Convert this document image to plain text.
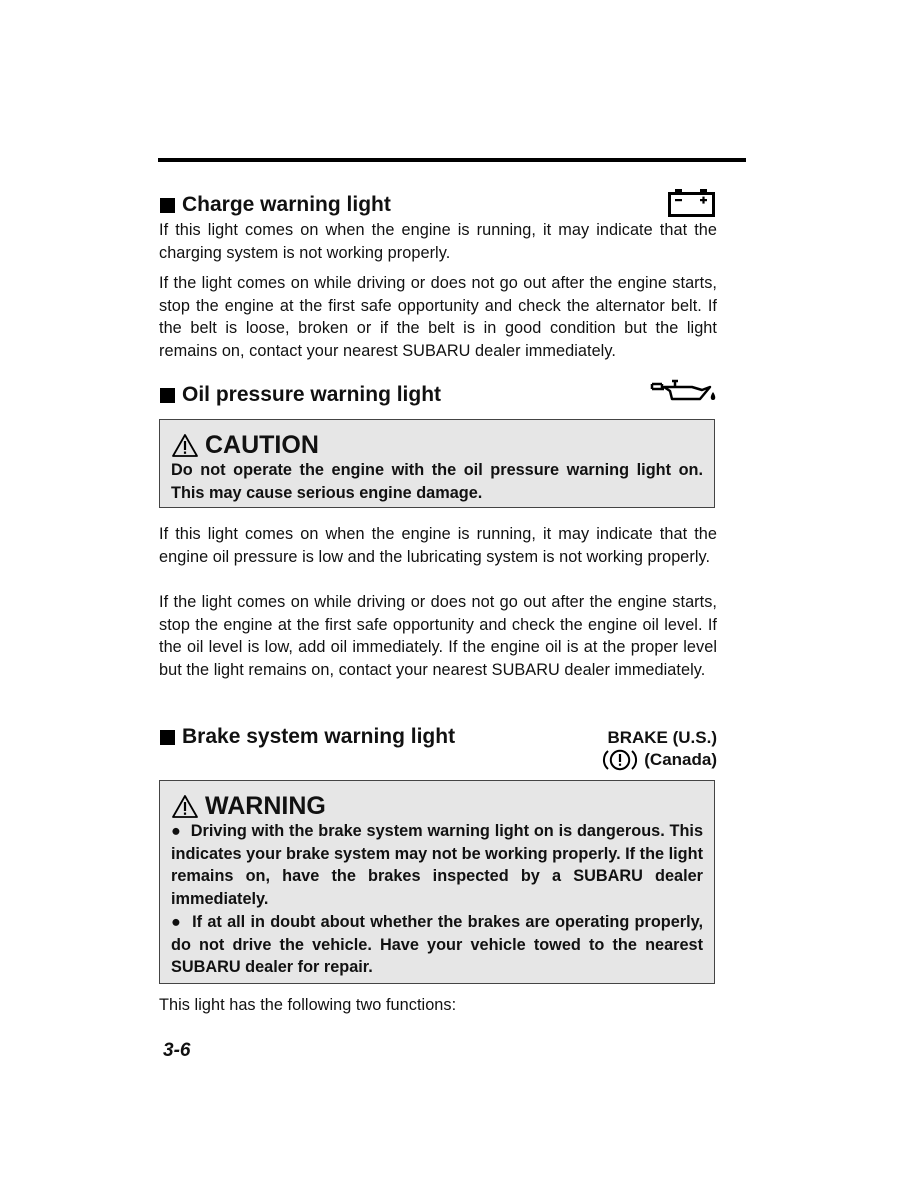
Charge warning light

If this light comes on when the engine is running, it may indicate that the charging system is not working properly.

If the light comes on while driving or does not go out after the engine starts, stop the engine at the first safe opportunity and check the alternator belt. If the belt is loose, broken or if the belt is in good condition but the light remains on, contact your nearest SUBARU dealer immediately.

Oil pressure warning light
CAUTION

Do not operate the engine with the oil pressure warning light on. This may cause serious engine damage.

If this light comes on when the engine is running, it may indicate that the engine oil pressure is low and the lubricating system is not working properly.

If the light comes on while driving or does not go out after the engine starts, stop the engine at the first safe opportunity and check the engine oil level. If the oil level is low, add oil immediately. If the engine oil is at the proper level but the light remains on, contact your nearest SUBARU dealer immediately.

Brake system warning light	BRAKE (U.S.)
(Canada)
WARNING

●  Driving with the brake system warning light on is dangerous. This indicates your brake system may not be working properly. If the light remains on, have the brakes inspected by a SUBARU dealer immediately.

●  If at all in doubt about whether the brakes are operating properly, do not drive the vehicle. Have your vehicle towed to the nearest SUBARU dealer for repair.

This light has the following two functions:

3-6
